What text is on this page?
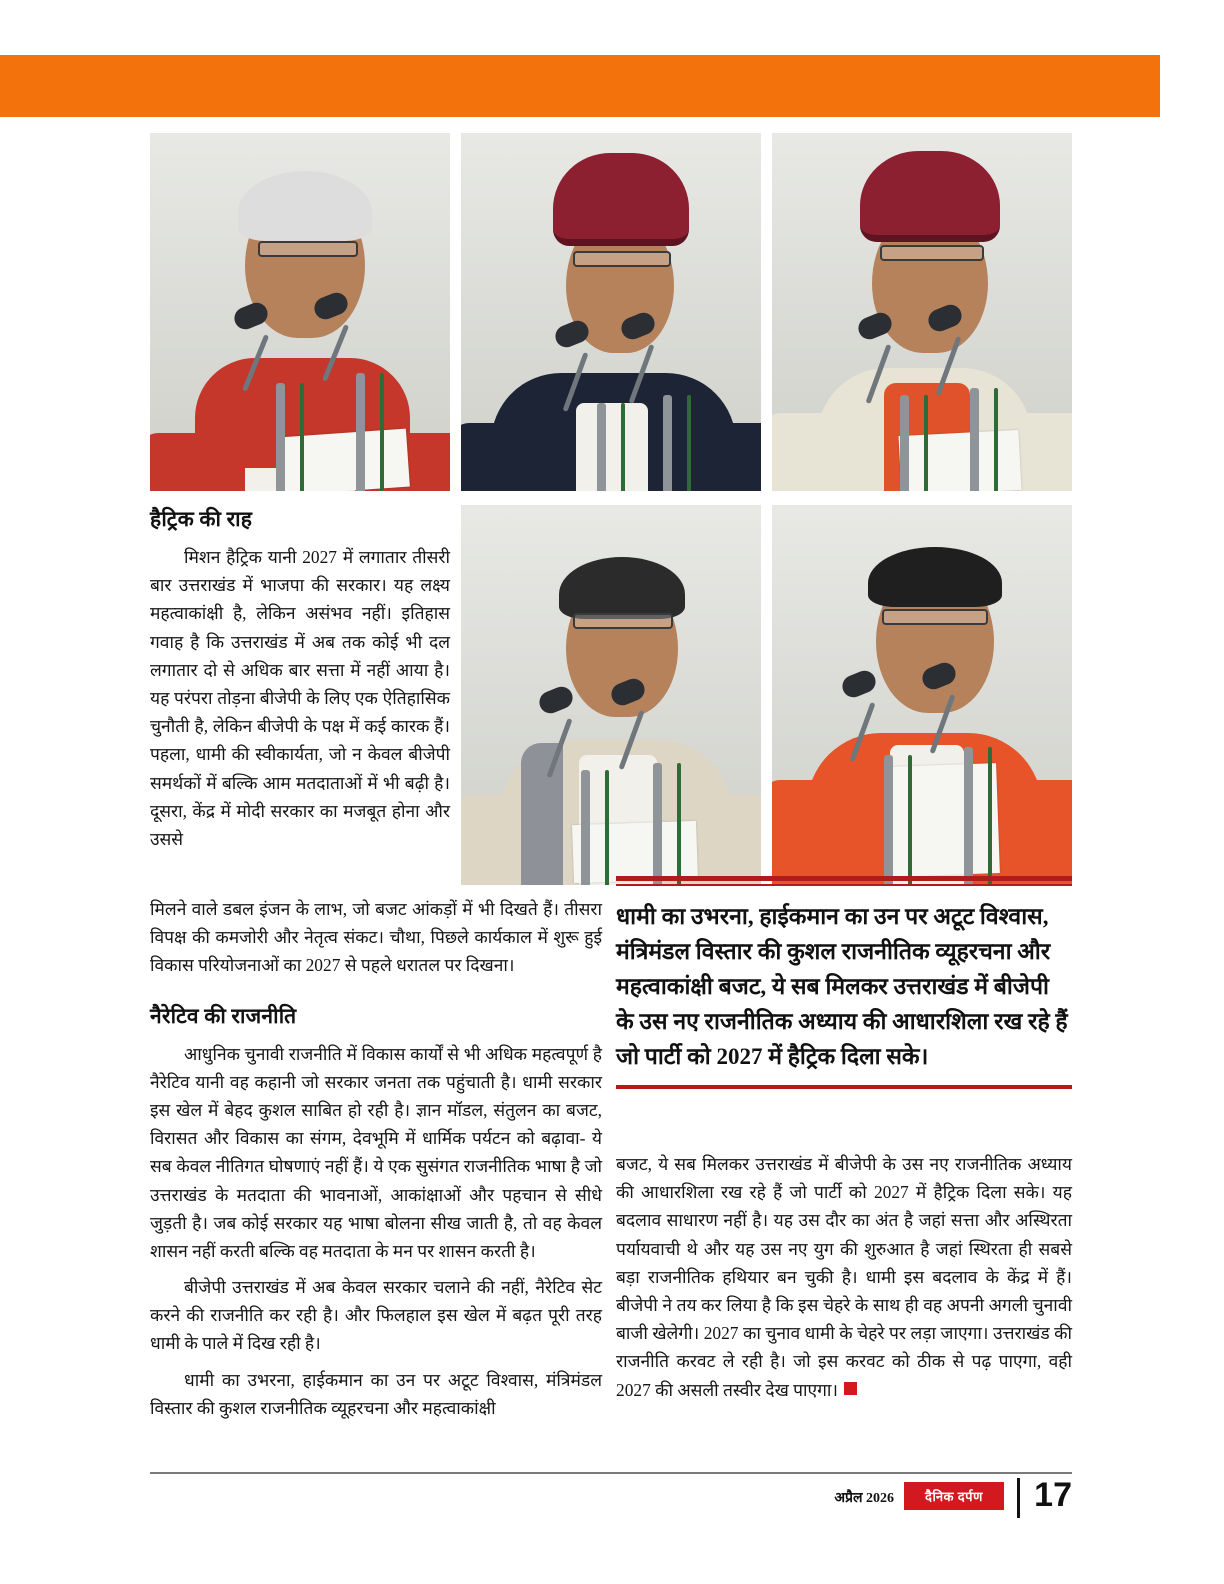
हैट्रिक की राह

मिशन हैट्रिक यानी 2027 में लगातार तीसरी बार उत्तराखंड में भाजपा की सरकार। यह लक्ष्य महत्वाकांक्षी है, लेकिन असंभव नहीं। इतिहास गवाह है कि उत्तराखंड में अब तक कोई भी दल लगातार दो से अधिक बार सत्ता में नहीं आया है। यह परंपरा तोड़ना बीजेपी के लिए एक ऐतिहासिक चुनौती है, लेकिन बीजेपी के पक्ष में कई कारक हैं। पहला, धामी की स्वीकार्यता, जो न केवल बीजेपी समर्थकों में बल्कि आम मतदाताओं में भी बढ़ी है। दूसरा, केंद्र में मोदी सरकार का मजबूत होना और उससे

मिलने वाले डबल इंजन के लाभ, जो बजट आंकड़ों में भी दिखते हैं। तीसरा विपक्ष की कमजोरी और नेतृत्व संकट। चौथा, पिछले कार्यकाल में शुरू हुई विकास परियोजनाओं का 2027 से पहले धरातल पर दिखना।

नैरेटिव की राजनीति

आधुनिक चुनावी राजनीति में विकास कार्यों से भी अधिक महत्वपूर्ण है नैरेटिव यानी वह कहानी जो सरकार जनता तक पहुंचाती है। धामी सरकार इस खेल में बेहद कुशल साबित हो रही है। ज्ञान मॉडल, संतुलन का बजट, विरासत और विकास का संगम, देवभूमि में धार्मिक पर्यटन को बढ़ावा- ये सब केवल नीतिगत घोषणाएं नहीं हैं। ये एक सुसंगत राजनीतिक भाषा है जो उत्तराखंड के मतदाता की भावनाओं, आकांक्षाओं और पहचान से सीधे जुड़ती है। जब कोई सरकार यह भाषा बोलना सीख जाती है, तो वह केवल शासन नहीं करती बल्कि वह मतदाता के मन पर शासन करती है।

बीजेपी उत्तराखंड में अब केवल सरकार चलाने की नहीं, नैरेटिव सेट करने की राजनीति कर रही है। और फिलहाल इस खेल में बढ़त पूरी तरह धामी के पाले में दिख रही है।

धामी का उभरना, हाईकमान का उन पर अटूट विश्वास, मंत्रिमंडल विस्तार की कुशल राजनीतिक व्यूहरचना और महत्वाकांक्षी

धामी का उभरना, हाईकमान का उन पर अटूट विश्वास, मंत्रिमंडल विस्तार की कुशल राजनीतिक व्यूहरचना और महत्वाकांक्षी बजट, ये सब मिलकर उत्तराखंड में बीजेपी के उस नए राजनीतिक अध्याय की आधारशिला रख रहे हैं जो पार्टी को 2027 में हैट्रिक दिला सके।

बजट, ये सब मिलकर उत्तराखंड में बीजेपी के उस नए राजनीतिक अध्याय की आधारशिला रख रहे हैं जो पार्टी को 2027 में हैट्रिक दिला सके। यह बदलाव साधारण नहीं है। यह उस दौर का अंत है जहां सत्ता और अस्थिरता पर्यायवाची थे और यह उस नए युग की शुरुआत है जहां स्थिरता ही सबसे बड़ा राजनीतिक हथियार बन चुकी है। धामी इस बदलाव के केंद्र में हैं। बीजेपी ने तय कर लिया है कि इस चेहरे के साथ ही वह अपनी अगली चुनावी बाजी खेलेगी। 2027 का चुनाव धामी के चेहरे पर लड़ा जाएगा। उत्तराखंड की राजनीति करवट ले रही है। जो इस करवट को ठीक से पढ़ पाएगा, वही 2027 की असली तस्वीर देख पाएगा।

अप्रैल 2026	दैनिक दर्पण	17
